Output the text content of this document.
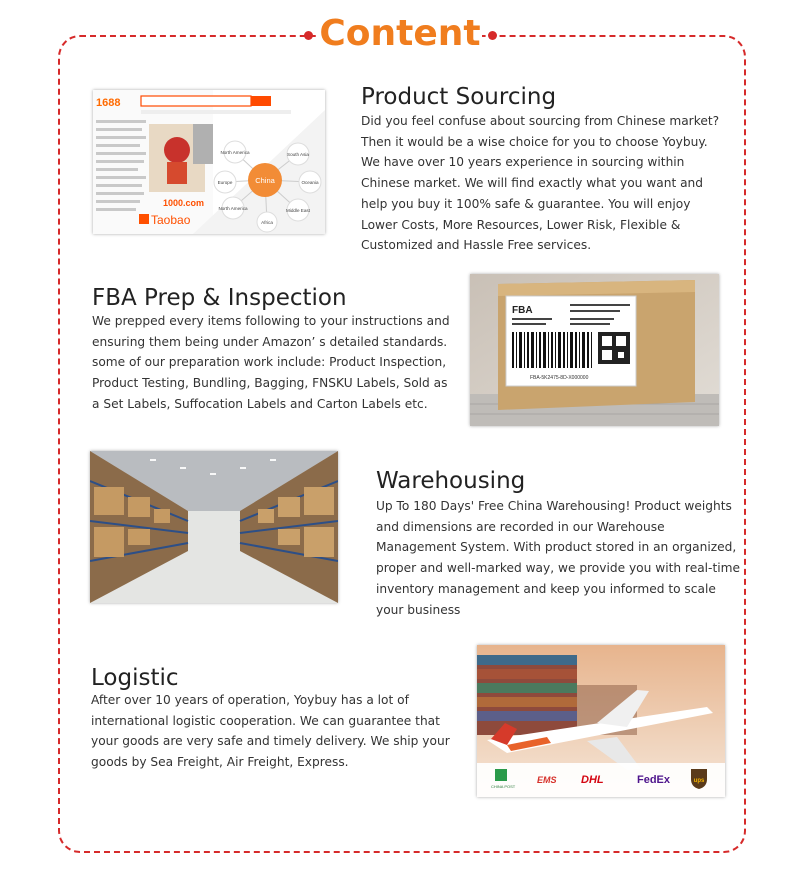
Content
1688
1000.com
Taobao
China
North America	South Asia
Europe	Oceania
North America	Middle East
Africa
Product Sourcing

Did you feel confuse about sourcing from Chinese market? Then it would be a wise choice for you to choose Yoybuy. We have over 10 years experience in sourcing within Chinese market. We will find exactly what you want and help you buy it 100% safe & guarantee. You will enjoy Lower Costs, More Resources, Lower Risk, Flexible & Customized and Hassle Free services.

FBA Prep & Inspection

We prepped every items following to your instructions and ensuring them being under Amazon’ s detailed standards. some of our preparation work include: Product Inspection, Product Testing, Bundling, Bagging, FNSKU Labels, Sold as a Set Labels, Suffocation Labels and Carton Labels etc.

FBA
FBA-5K2475-8D-X000000
Warehousing

Up To 180 Days' Free China Warehousing! Product weights and dimensions are recorded in our Warehouse Management System. With product stored in an organized, proper and well-marked way, we provide you with real-time inventory management and keep you informed to scale your business

Logistic

After over 10 years of operation, Yoybuy has a lot of international logistic cooperation. We can guarantee that your goods are very safe and timely delivery. We ship your goods by Sea Freight, Air Freight, Express.

CHINA POST
EMS DHL	FedEx	ups
